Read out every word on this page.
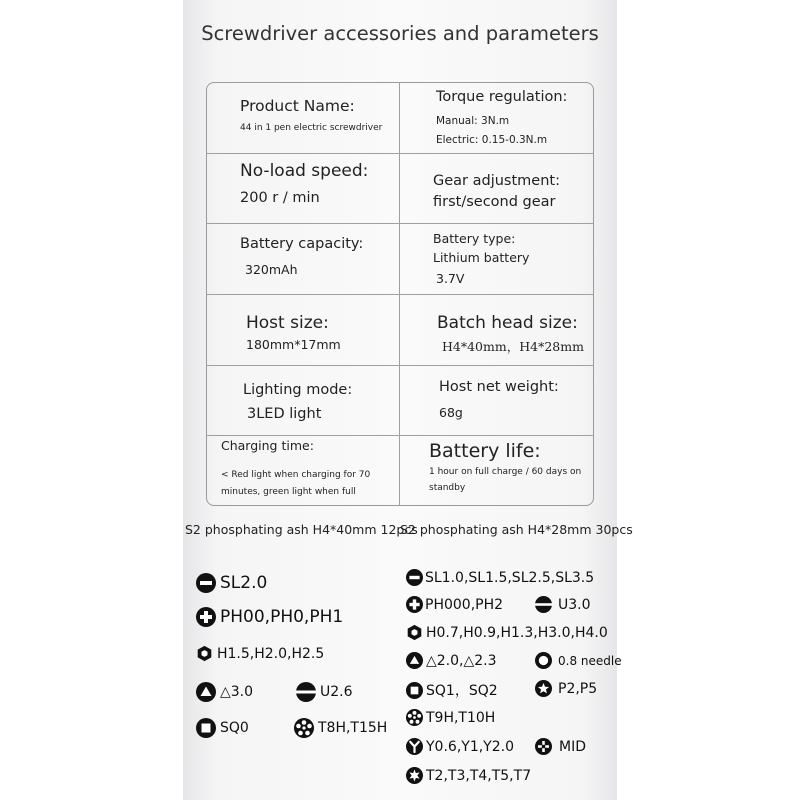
Screwdriver accessories and parameters
Product Name:
44 in 1 pen electric screwdriver
Torque regulation:
Manual: 3N.m
Electric: 0.15-0.3N.m
No-load speed:
200 r / min
Gear adjustment:
first/second gear
Battery capacity:
320mAh
Battery type:
Lithium battery
3.7V
Host size:
180mm*17mm
Batch head size:
H4*40mm，H4*28mm
Lighting mode:
3LED light
Host net weight:
68g
Charging time:
< Red light when charging for 70
minutes, green light when full
Battery life:
1 hour on full charge / 60 days on
standby
S2 phosphating ash H4*40mm 12pcs
S2 phosphating ash H4*28mm 30pcs
SL2.0
PH00,PH0,PH1
H1.5,H2.0,H2.5
△3.0	U2.6
SQ0	T8H,T15H
SL1.0,SL1.5,SL2.5,SL3.5
PH000,PH2	U3.0
H0.7,H0.9,H1.3,H3.0,H4.0
△2.0,△2.3	0.8 needle
SQ1，SQ2	P2,P5
T9H,T10H
Y0.6,Y1,Y2.0	MID
T2,T3,T4,T5,T7
